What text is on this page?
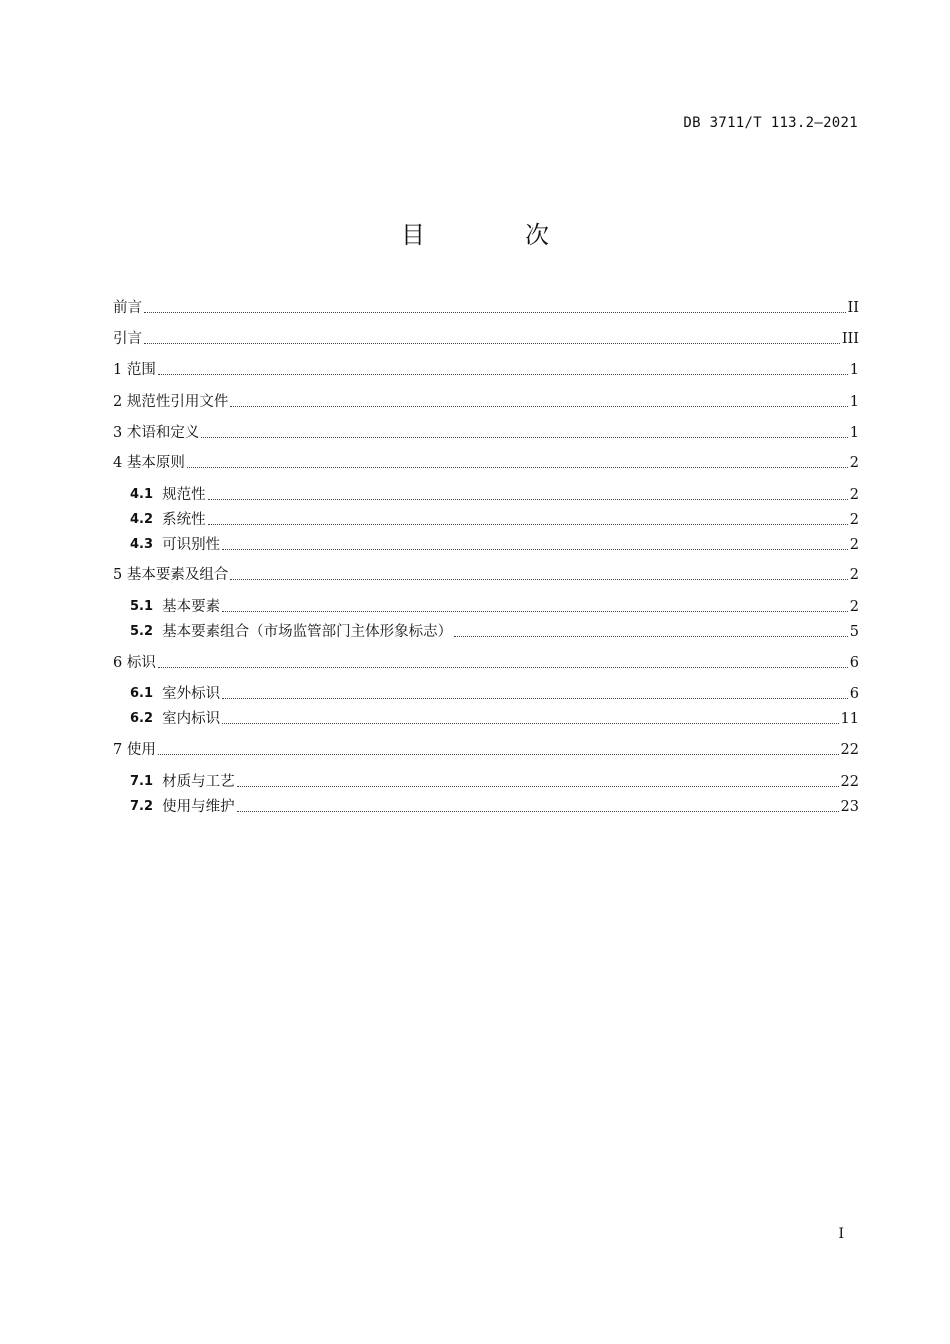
DB 3711/T 113.2—2021
目　次
前言	II
引言	III
1 范围	1
2 规范性引用文件	1
3 术语和定义	1
4 基本原则	2
4.1 规范性	2
4.2 系统性	2
4.3 可识别性	2
5 基本要素及组合	2
5.1 基本要素	2
5.2 基本要素组合（市场监管部门主体形象标志）	5
6 标识	6
6.1 室外标识	6
6.2 室内标识	11
7 使用	22
7.1 材质与工艺	22
7.2 使用与维护	23
I
